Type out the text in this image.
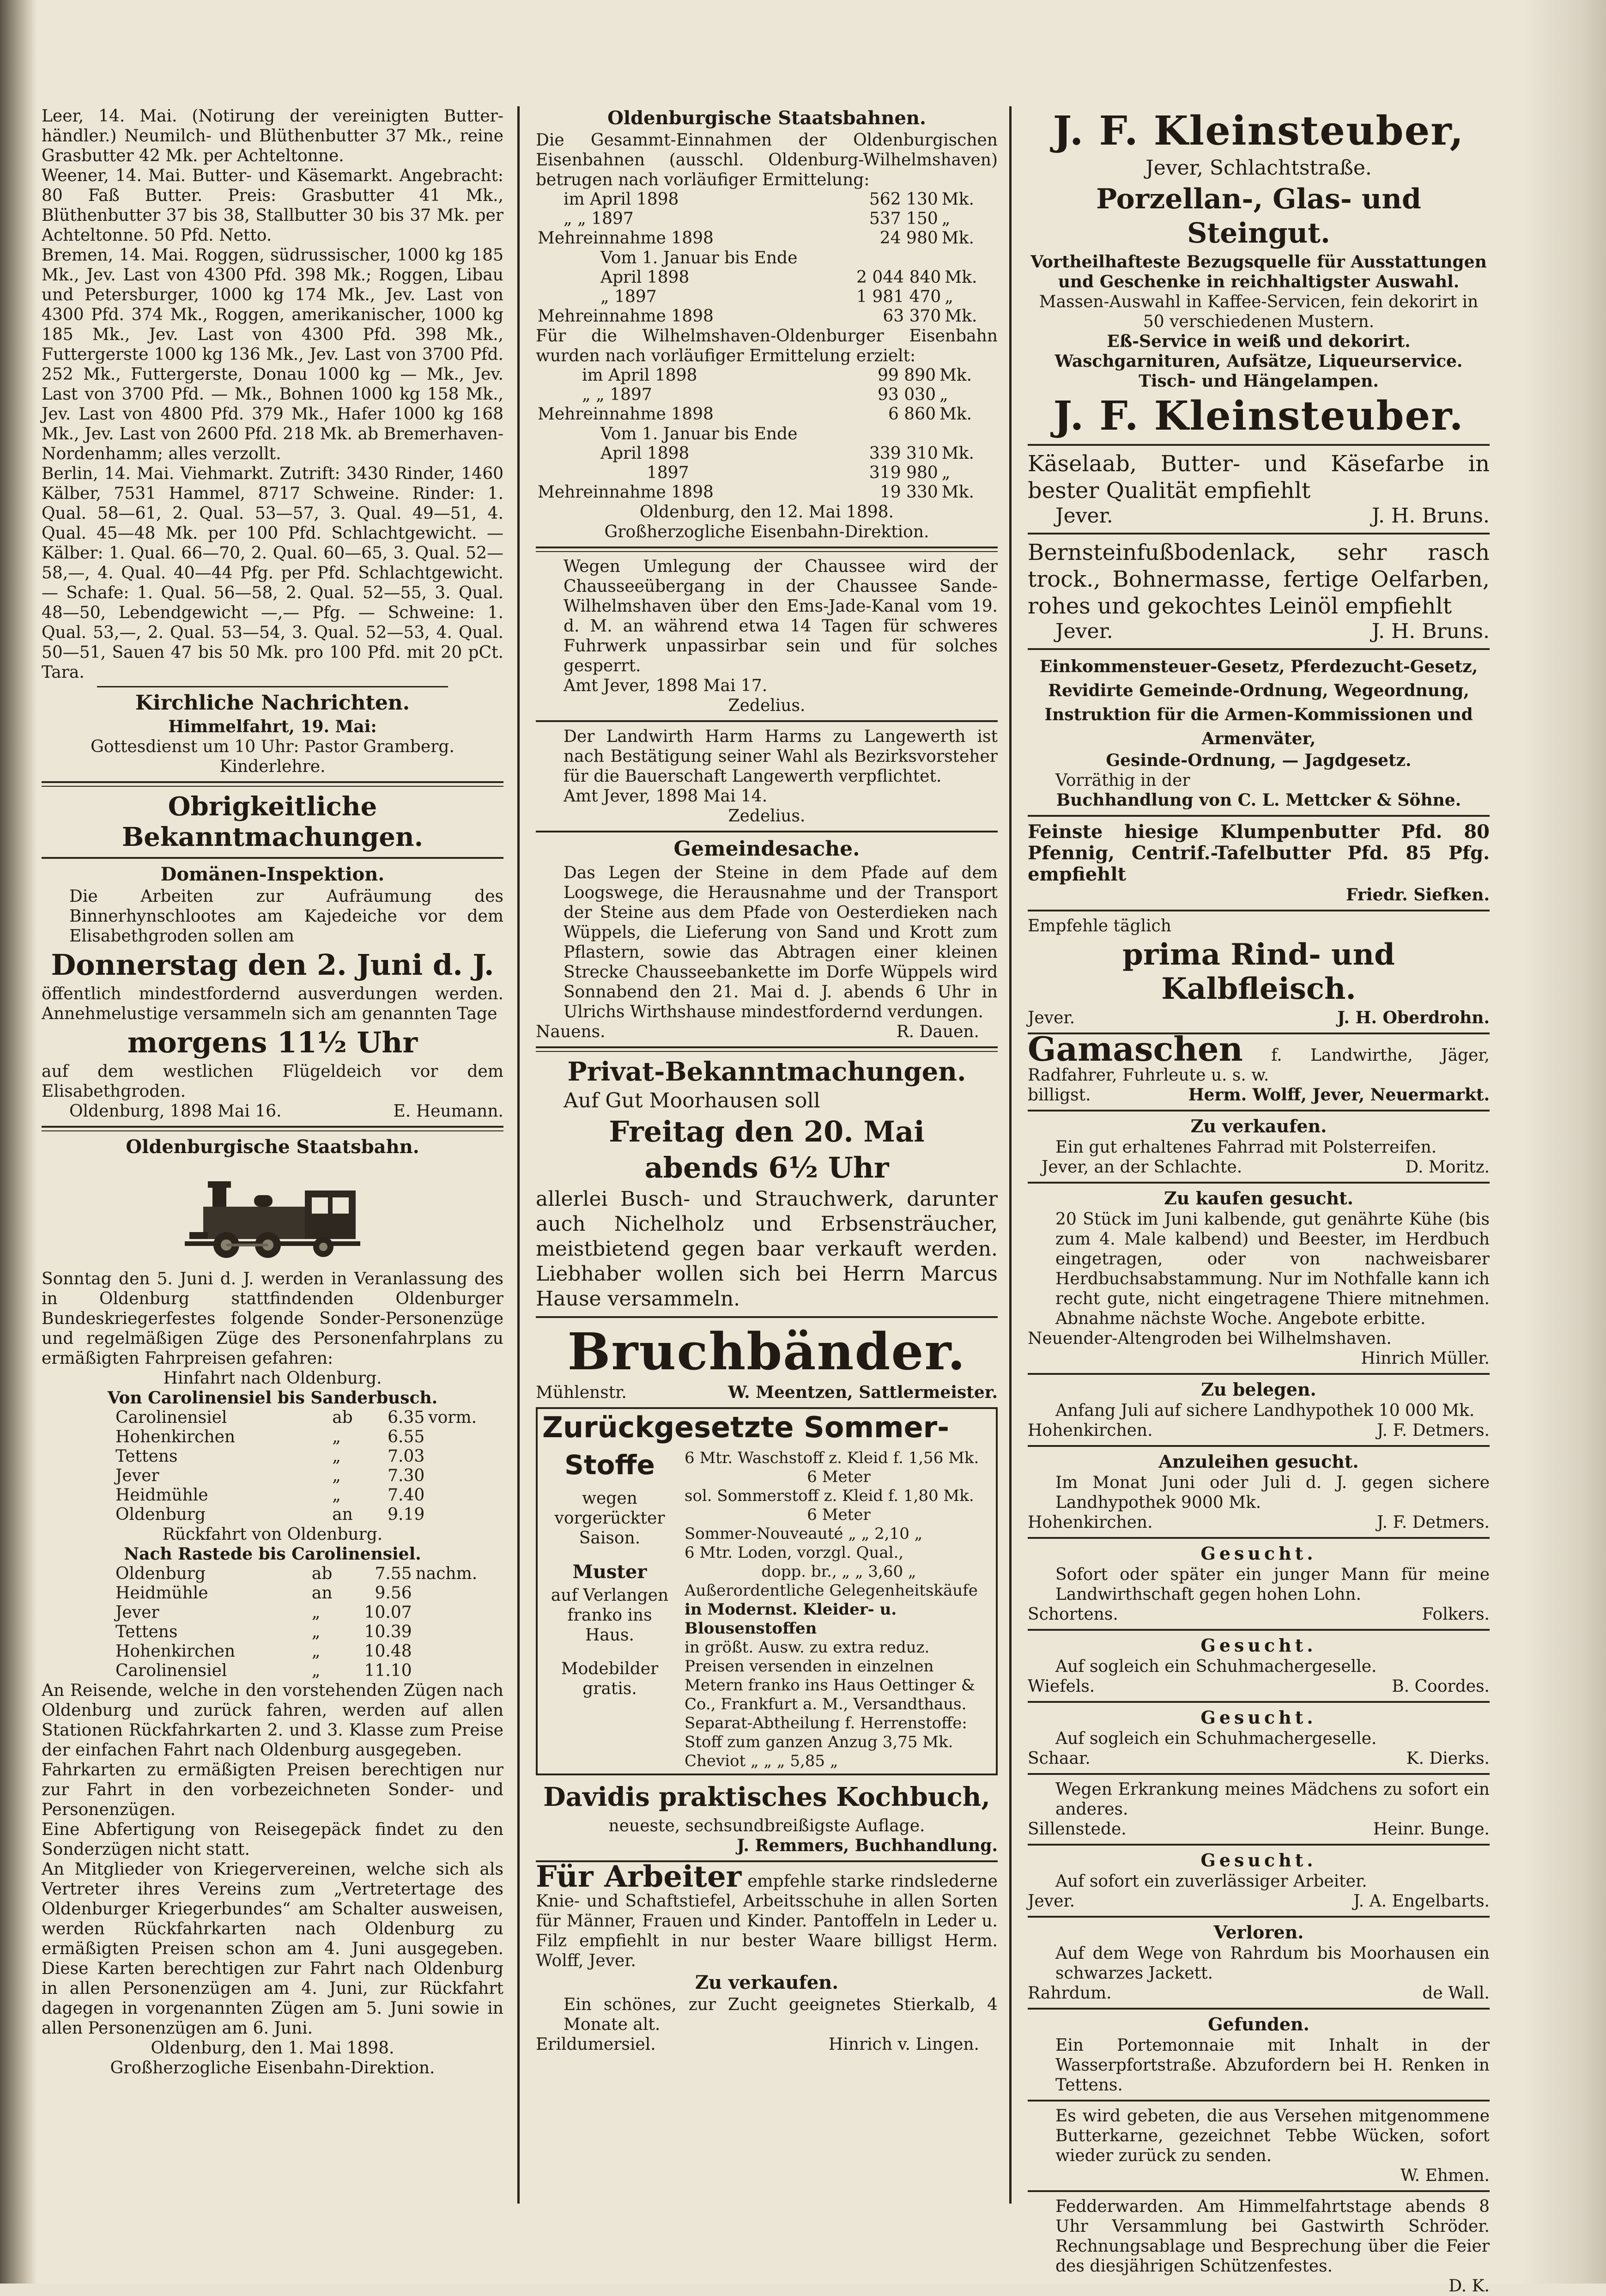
Leer, 14. Mai. (Notirung der vereinigten Butter-händler.) Neumilch- und Blüthenbutter 37 Mk., reine Grasbutter 42 Mk. per Achteltonne.

Weener, 14. Mai. Butter- und Käsemarkt. Angebracht: 80 Faß Butter. Preis: Grasbutter 41 Mk., Blüthenbutter 37 bis 38, Stallbutter 30 bis 37 Mk. per Achteltonne. 50 Pfd. Netto.

Bremen, 14. Mai. Roggen, südrussischer, 1000 kg 185 Mk., Jev. Last von 4300 Pfd. 398 Mk.; Roggen, Libau und Petersburger, 1000 kg 174 Mk., Jev. Last von 4300 Pfd. 374 Mk., Roggen, amerikanischer, 1000 kg 185 Mk., Jev. Last von 4300 Pfd. 398 Mk., Futtergerste 1000 kg 136 Mk., Jev. Last von 3700 Pfd. 252 Mk., Futtergerste, Donau 1000 kg — Mk., Jev. Last von 3700 Pfd. — Mk., Bohnen 1000 kg 158 Mk., Jev. Last von 4800 Pfd. 379 Mk., Hafer 1000 kg 168 Mk., Jev. Last von 2600 Pfd. 218 Mk. ab Bremerhaven-Nordenhamm; alles verzollt.

Berlin, 14. Mai. Viehmarkt. Zutrift: 3430 Rinder, 1460 Kälber, 7531 Hammel, 8717 Schweine. Rinder: 1. Qual. 58—61, 2. Qual. 53—57, 3. Qual. 49—51, 4. Qual. 45—48 Mk. per 100 Pfd. Schlachtgewicht. — Kälber: 1. Qual. 66—70, 2. Qual. 60—65, 3. Qual. 52—58,—, 4. Qual. 40—44 Pfg. per Pfd. Schlachtgewicht. — Schafe: 1. Qual. 56—58, 2. Qual. 52—55, 3. Qual. 48—50, Lebendgewicht —,— Pfg. — Schweine: 1. Qual. 53,—, 2. Qual. 53—54, 3. Qual. 52—53, 4. Qual. 50—51, Sauen 47 bis 50 Mk. pro 100 Pfd. mit 20 pCt. Tara.

Kirchliche Nachrichten.

Himmelfahrt, 19. Mai:

Gottesdienst um 10 Uhr: Pastor Gramberg. Kinderlehre.

Obrigkeitliche Bekanntmachungen.

Domänen-Inspektion.

Die Arbeiten zur Aufräumung des Binnerhynschlootes am Kajedeiche vor dem Elisabethgroden sollen am

Donnerstag den 2. Juni d. J.

öffentlich mindestfordernd ausverdungen werden. Annehmelustige versammeln sich am genannten Tage

morgens 11½ Uhr

auf dem westlichen Flügeldeich vor dem Elisabethgroden.

Oldenburg, 1898 Mai 16.	E. Heumann.

Oldenburgische Staatsbahn.

Sonntag den 5. Juni d. J. werden in Veranlassung des in Oldenburg stattfindenden Oldenburger Bundeskriegerfestes folgende Sonder-Personenzüge und regelmäßigen Züge des Personenfahrplans zu ermäßigten Fahrpreisen gefahren:

Hinfahrt nach Oldenburg.

Von Carolinensiel bis Sanderbusch.

Carolinensiel	ab	6.35	vorm.
Hohenkirchen	„	6.55	
Tettens	„	7.03	
Jever	„	7.30	
Heidmühle	„	7.40	
Oldenburg	an	9.19	

Rückfahrt von Oldenburg.

Nach Rastede bis Carolinensiel.

Oldenburg	ab	7.55	nachm.
Heidmühle	an	9.56	
Jever	„	10.07	
Tettens	„	10.39	
Hohenkirchen	„	10.48	
Carolinensiel	„	11.10	

An Reisende, welche in den vorstehenden Zügen nach Oldenburg und zurück fahren, werden auf allen Stationen Rückfahrkarten 2. und 3. Klasse zum Preise der einfachen Fahrt nach Oldenburg ausgegeben.

Fahrkarten zu ermäßigten Preisen berechtigen nur zur Fahrt in den vorbezeichneten Sonder- und Personenzügen.

Eine Abfertigung von Reisegepäck findet zu den Sonderzügen nicht statt.

An Mitglieder von Kriegervereinen, welche sich als Vertreter ihres Vereins zum „Vertretertage des Oldenburger Kriegerbundes“ am Schalter ausweisen, werden Rückfahrkarten nach Oldenburg zu ermäßigten Preisen schon am 4. Juni ausgegeben. Diese Karten berechtigen zur Fahrt nach Oldenburg in allen Personenzügen am 4. Juni, zur Rückfahrt dagegen in vorgenannten Zügen am 5. Juni sowie in allen Personenzügen am 6. Juni.

Oldenburg, den 1. Mai 1898.

Großherzogliche Eisenbahn-Direktion.

Oldenburgische Staatsbahnen.

Die Gesammt-Einnahmen der Oldenburgischen Eisenbahnen (ausschl. Oldenburg-Wilhelmshaven) betrugen nach vorläufiger Ermittelung:

im April 1898	562 130	Mk.
„ „ 1897	537 150	„
Mehreinnahme 1898	24 980	Mk.

Vom 1. Januar bis Ende

April 1898	2 044 840	Mk.
„ 1897	1 981 470	„
Mehreinnahme 1898	63 370	Mk.

Für die Wilhelmshaven-Oldenburger Eisenbahn wurden nach vorläufiger Ermittelung erzielt:

im April 1898	99 890	Mk.
„ „ 1897	93 030	„
Mehreinnahme 1898	6 860	Mk.

Vom 1. Januar bis Ende

April 1898	339 310	Mk.
1897	319 980	„
Mehreinnahme 1898	19 330	Mk.

Oldenburg, den 12. Mai 1898.

Großherzogliche Eisenbahn-Direktion.

Wegen Umlegung der Chaussee wird der Chausseeübergang in der Chaussee Sande-Wilhelmshaven über den Ems-Jade-Kanal vom 19. d. M. an während etwa 14 Tagen für schweres Fuhrwerk unpassirbar sein und für solches gesperrt.

Amt Jever, 1898 Mai 17.

Zedelius.

Der Landwirth Harm Harms zu Langewerth ist nach Bestätigung seiner Wahl als Bezirksvorsteher für die Bauerschaft Langewerth verpflichtet.

Amt Jever, 1898 Mai 14.

Zedelius.

Gemeindesache.

Das Legen der Steine in dem Pfade auf dem Loogswege, die Herausnahme und der Transport der Steine aus dem Pfade von Oesterdieken nach Wüppels, die Lieferung von Sand und Krott zum Pflastern, sowie das Abtragen einer kleinen Strecke Chausseebankette im Dorfe Wüppels wird Sonnabend den 21. Mai d. J. abends 6 Uhr in Ulrichs Wirthshause mindestfordernd verdungen.

Nauens.	R. Dauen.

Privat-Bekanntmachungen.

Auf Gut Moorhausen soll

Freitag den 20. Mai

abends 6½ Uhr

allerlei Busch- und Strauchwerk, darunter auch Nichelholz und Erbsensträucher, meistbietend gegen baar verkauft werden. Liebhaber wollen sich bei Herrn Marcus Hause versammeln.

Bruchbänder.

Mühlenstr.	W. Meentzen, Sattlermeister.
Zurückgesetzte Sommer-
Stoffe
wegen vorgerückter Saison.
Muster
auf Verlangen franko ins Haus.
Modebilder gratis.
6 Mtr. Waschstoff z. Kleid f. 1,56 Mk.
6 Meter
sol. Sommerstoff z. Kleid f. 1,80 Mk.
6 Meter
Sommer-Nouveauté „ „ 2,10 „
6 Mtr. Loden, vorzgl. Qual.,
dopp. br., „ „ 3,60 „
Außerordentliche Gelegenheitskäufe
in Modernst. Kleider- u. Blousenstoffen
in größt. Ausw. zu extra reduz. Preisen versenden in einzelnen Metern franko ins Haus Oettinger & Co., Frankfurt a. M., Versandthaus.
Separat-Abtheilung f. Herrenstoffe:
Stoff zum ganzen Anzug 3,75 Mk.
Cheviot „ „ „ 5,85 „

Davidis praktisches Kochbuch,

neueste, sechsundbreißigste Auflage.

J. Remmers, Buchhandlung.

Für Arbeiter empfehle starke rindslederne Knie- und Schaftstiefel, Arbeitsschuhe in allen Sorten für Männer, Frauen und Kinder. Pantoffeln in Leder u. Filz empfiehlt in nur bester Waare billigst Herm. Wolff, Jever.

Zu verkaufen.

Ein schönes, zur Zucht geeignetes Stierkalb, 4 Monate alt.

Erildumersiel.	Hinrich v. Lingen.

J. F. Kleinsteuber,

Jever, Schlachtstraße.

Porzellan-, Glas- und Steingut.

Vortheilhafteste Bezugsquelle für Ausstattungen und Geschenke in reichhaltigster Auswahl.

Massen-Auswahl in Kaffee-Servicen, fein dekorirt in 50 verschiedenen Mustern.

Eß-Service in weiß und dekorirt.

Waschgarnituren, Aufsätze, Liqueurservice.

Tisch- und Hängelampen.

J. F. Kleinsteuber.

Käselaab, Butter- und Käsefarbe in bester Qualität empfiehlt

Jever.	J. H. Bruns.

Bernsteinfußbodenlack, sehr rasch trock., Bohnermasse, fertige Oelfarben, rohes und gekochtes Leinöl empfiehlt

Jever.	J. H. Bruns.

Einkommensteuer-Gesetz, Pferdezucht-Gesetz, Revidirte Gemeinde-Ordnung, Wegeordnung, Instruktion für die Armen-Kommissionen und Armenväter,

Gesinde-Ordnung, — Jagdgesetz.

Vorräthig in der

Buchhandlung von C. L. Mettcker & Söhne.

Feinste hiesige Klumpenbutter Pfd. 80 Pfennig, Centrif.-Tafelbutter Pfd. 85 Pfg. empfiehlt

Friedr. Siefken.

Empfehle täglich

prima Rind- und Kalbfleisch.

Jever.	J. H. Oberdrohn.

Gamaschen f. Landwirthe, Jäger, Radfahrer, Fuhrleute u. s. w.

billigst.	Herm. Wolff, Jever, Neuermarkt.

Zu verkaufen.

Ein gut erhaltenes Fahrrad mit Polsterreifen.

Jever, an der Schlachte.	D. Moritz.

Zu kaufen gesucht.

20 Stück im Juni kalbende, gut genährte Kühe (bis zum 4. Male kalbend) und Beester, im Herdbuch eingetragen, oder von nachweisbarer Herdbuchsabstammung. Nur im Nothfalle kann ich recht gute, nicht eingetragene Thiere mitnehmen. Abnahme nächste Woche. Angebote erbitte.

Neuender-Altengroden bei Wilhelmshaven.

Hinrich Müller.

Zu belegen.

Anfang Juli auf sichere Landhypothek 10 000 Mk.

Hohenkirchen.	J. F. Detmers.

Anzuleihen gesucht.

Im Monat Juni oder Juli d. J. gegen sichere Landhypothek 9000 Mk.

Hohenkirchen.	J. F. Detmers.

Gesucht.

Sofort oder später ein junger Mann für meine Landwirthschaft gegen hohen Lohn.

Schortens.	Folkers.

Gesucht.

Auf sogleich ein Schuhmachergeselle.

Wiefels.	B. Coordes.

Gesucht.

Auf sogleich ein Schuhmachergeselle.

Schaar.	K. Dierks.

Wegen Erkrankung meines Mädchens zu sofort ein anderes.

Sillenstede.	Heinr. Bunge.

Gesucht.

Auf sofort ein zuverlässiger Arbeiter.

Jever.	J. A. Engelbarts.

Verloren.

Auf dem Wege von Rahrdum bis Moorhausen ein schwarzes Jackett.

Rahrdum.	de Wall.

Gefunden.

Ein Portemonnaie mit Inhalt in der Wasserpfortstraße. Abzufordern bei H. Renken in Tettens.

Es wird gebeten, die aus Versehen mitgenommene Butterkarne, gezeichnet Tebbe Wücken, sofort wieder zurück zu senden.

W. Ehmen.

Fedderwarden. Am Himmelfahrtstage abends 8 Uhr Versammlung bei Gastwirth Schröder. Rechnungsablage und Besprechung über die Feier des diesjährigen Schützenfestes.

D. K.
